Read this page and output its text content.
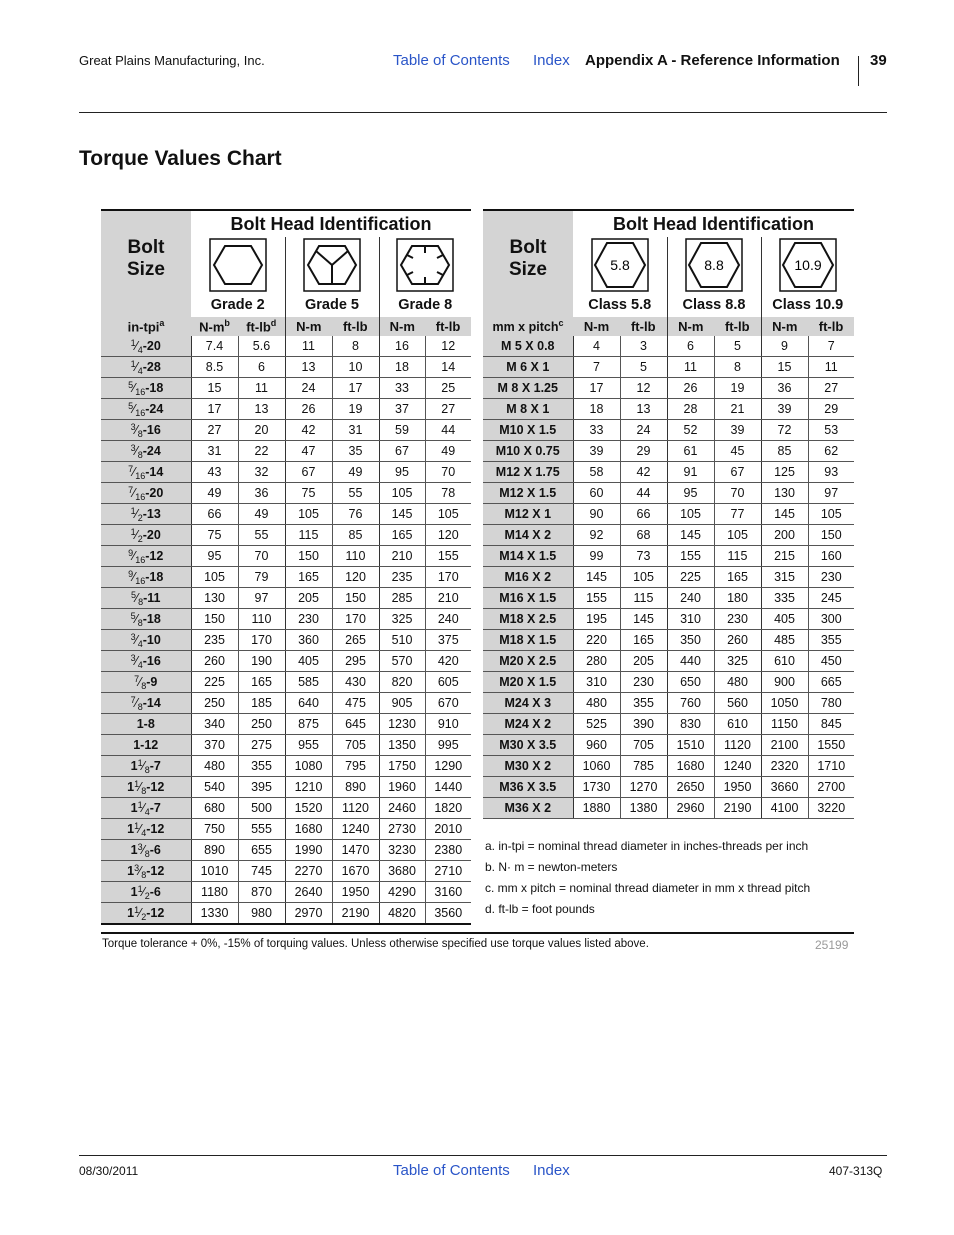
Great Plains Manufacturing, Inc.	Table of Contents Index Appendix A - Reference Information 39
Torque Values Chart
Bolt
Size	Bolt Head Identification					

	Grade 2		Grade 5		Grade 8	
in-tpi$^a$	$N-m^b$	$ft-lb^d$	N-m	ft-lb	N-m	ft-lb
$^1⁄_4-20$	7.4	5.6	11	8	16	12
$^1⁄_4-28$	8.5	6	13	10	18	14
$^5⁄_{16}-18$	15	11	24	17	33	25
$^5⁄_{16}-24$	17	13	26	19	37	27
$^3⁄_8-16$	27	20	42	31	59	44
$^3⁄_8-24$	31	22	47	35	67	49
$^7⁄_{16}-14$	43	32	67	49	95	70
$^7⁄_{16}-20$	49	36	75	55	105	78
$^1⁄_2-13$	66	49	105	76	145	105
$^1⁄_2-20$	75	55	115	85	165	120
$^9⁄_{16}-12$	95	70	150	110	210	155
$^9⁄_{16}-18$	105	79	165	120	235	170
$^5⁄_8-11$	130	97	205	150	285	210
$^5⁄_8-18$	150	110	230	170	325	240
$^3⁄_4-10$	235	170	360	265	510	375
$^3⁄_4-16$	260	190	405	295	570	420
$^7⁄_8-9$	225	165	585	430	820	605
$^7⁄_8-14$	250	185	640	475	905	670
1-8	340	250	875	645	1230	910
1-12	370	275	955	705	1350	995
$1^1⁄_8-7$	480	355	1080	795	1750	1290
$1^1⁄_8-12$	540	395	1210	890	1960	1440
$1^1⁄_4-7$	680	500	1520	1120	2460	1820
$1^1⁄_4-12$	750	555	1680	1240	2730	2010
$1^3⁄_8-6$	890	655	1990	1470	3230	2380
$1^3⁄_8-12$	1010	745	2270	1670	3680	2710
$1^1⁄_2-6$	1180	870	2640	1950	4290	3160
$1^1⁄_2-12$	1330	980	2970	2190	4820	3560
Bolt
Size	Bolt Head Identification					

5.8		8.8		10.9	

	Class 5.8		Class 8.8		Class 10.9	
mm x pitch$^c$	N-m	ft-lb	N-m	ft-lb	N-m	ft-lb
M 5 X 0.8	4	3	6	5	9	7
M 6 X 1	7	5	11	8	15	11
M 8 X 1.25	17	12	26	19	36	27
M 8 X 1	18	13	28	21	39	29
M10 X 1.5	33	24	52	39	72	53
M10 X 0.75	39	29	61	45	85	62
M12 X 1.75	58	42	91	67	125	93
M12 X 1.5	60	44	95	70	130	97
M12 X 1	90	66	105	77	145	105
M14 X 2	92	68	145	105	200	150
M14 X 1.5	99	73	155	115	215	160
M16 X 2	145	105	225	165	315	230
M16 X 1.5	155	115	240	180	335	245
M18 X 2.5	195	145	310	230	405	300
M18 X 1.5	220	165	350	260	485	355
M20 X 2.5	280	205	440	325	610	450
M20 X 1.5	310	230	650	480	900	665
M24 X 3	480	355	760	560	1050	780
M24 X 2	525	390	830	610	1150	845
M30 X 3.5	960	705	1510	1120	2100	1550
M30 X 2	1060	785	1680	1240	2320	1710
M36 X 3.5	1730	1270	2650	1950	3660	2700
M36 X 2	1880	1380	2960	2190	4100	3220
a. in-tpi = nominal thread diameter in inches-threads per inch
b. N· m = newton-meters
c. mm x pitch = nominal thread diameter in mm x thread pitch
d. ft-lb = foot pounds
Torque tolerance + 0%, -15% of torquing values. Unless otherwise specified use torque values listed above.	25199
08/30/2011	Table of Contents Index	407-313Q
